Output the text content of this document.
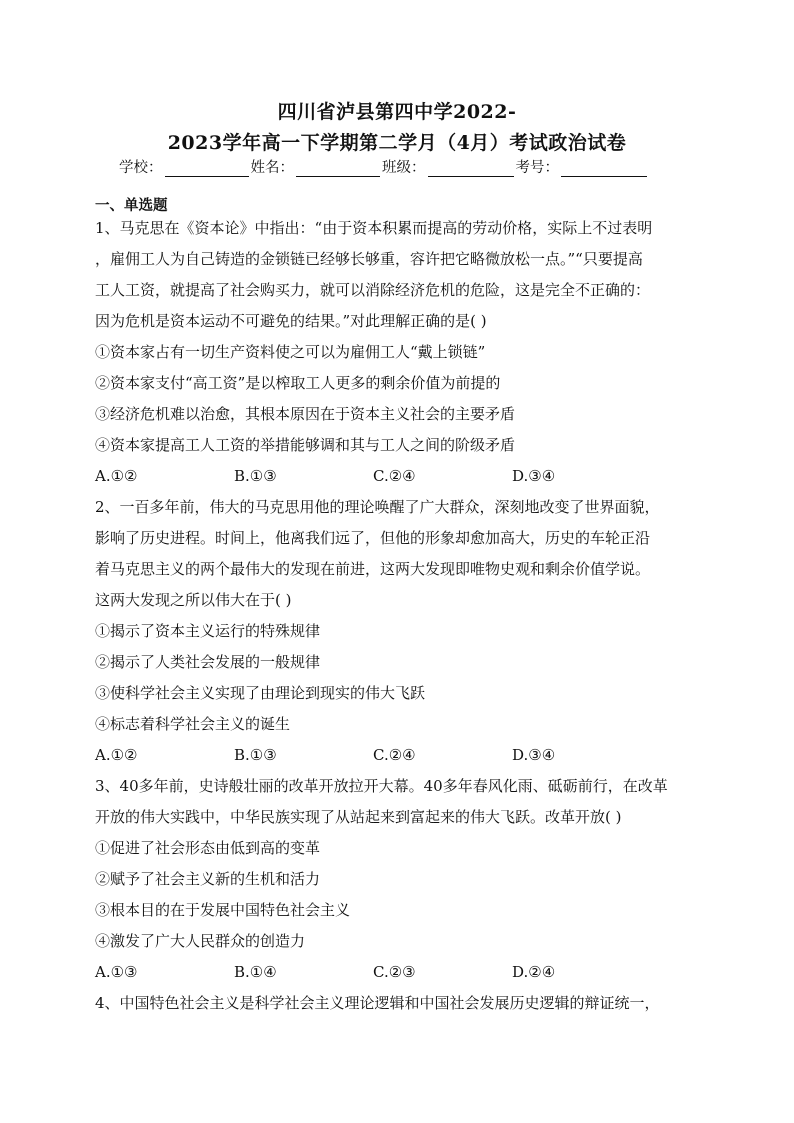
四川省泸县第四中学2022-
2023学年高一下学期第二学月（4月）考试政治试卷
学校：	姓名：	班级：	考号：
一、单选题
1、马克思在《资本论》中指出：“由于资本积累而提高的劳动价格，实际上不过表明
，雇佣工人为自己铸造的金锁链已经够长够重，容许把它略微放松一点。”“只要提高
工人工资，就提高了社会购买力，就可以消除经济危机的危险，这是完全不正确的：
因为危机是资本运动不可避免的结果。”对此理解正确的是( )
①资本家占有一切生产资料使之可以为雇佣工人“戴上锁链”
②资本家支付“高工资”是以榨取工人更多的剩余价值为前提的
③经济危机难以治愈，其根本原因在于资本主义社会的主要矛盾
④资本家提高工人工资的举措能够调和其与工人之间的阶级矛盾
A.①②	B.①③	C.②④	D.③④
2、一百多年前，伟大的马克思用他的理论唤醒了广大群众，深刻地改变了世界面貌，
影响了历史进程。时间上，他离我们远了，但他的形象却愈加高大，历史的车轮正沿
着马克思主义的两个最伟大的发现在前进，这两大发现即唯物史观和剩余价值学说。
这两大发现之所以伟大在于( )
①揭示了资本主义运行的特殊规律
②揭示了人类社会发展的一般规律
③使科学社会主义实现了由理论到现实的伟大飞跃
④标志着科学社会主义的诞生
A.①②	B.①③	C.②④	D.③④
3、40多年前，史诗般壮丽的改革开放拉开大幕。40多年春风化雨、砥砺前行，在改革
开放的伟大实践中，中华民族实现了从站起来到富起来的伟大飞跃。改革开放( )
①促进了社会形态由低到高的变革
②赋予了社会主义新的生机和活力
③根本目的在于发展中国特色社会主义
④激发了广大人民群众的创造力
A.①③	B.①④	C.②③	D.②④
4、中国特色社会主义是科学社会主义理论逻辑和中国社会发展历史逻辑的辩证统一，
